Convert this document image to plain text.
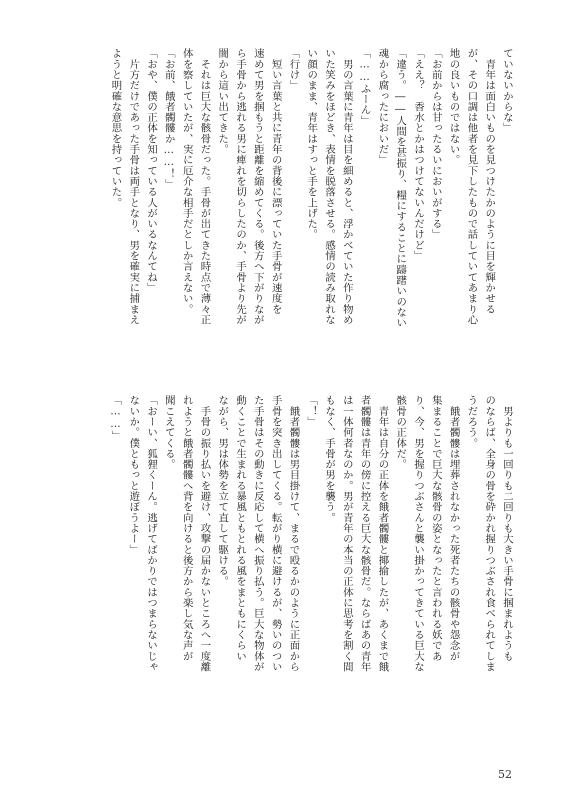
ていないからな」
　青年は面白いものを見つけたかのように目を輝かせる
が、その口調は他者を見下したもので話していてあまり心
地の良いものではない。
「お前からは甘ったるいにおいがする」
「ええ？　香水とかはつけてないんだけど」
「違う。――人間を甚振り、糧にすることに躊躇いのない
魂から腐ったにおいだ」
「……ふーん」
　男の言葉に青年は目を細めると、浮かべていた作り物め
いた笑みをほどき、表情を脱落させる。感情の読み取れな
い顔のまま、青年はすっと手を上げた。
「行け」
　短い言葉と共に青年の背後に漂っていた手骨が速度を
速めて男を掴もうと距離を縮めてくる。後方へ下がりなが
ら手骨から逃れる男に痺れを切らしたのか、手骨より先が
闇から這い出てきた。
　それは巨大な骸骨だった。手骨が出てきた時点で薄々正
体を察していたが、実に厄介な相手だとしか言えない。
「お前、餓者髑髏か……！」
「おや、僕の正体を知っている人がいるなんてね」
　片方だけであった手骨は両手となり、男を確実に捕まえ
ようと明確な意思を持っていた。
　男よりも一回りも二回りも大きい手骨に掴まれようも
のならば、全身の骨を砕かれ握りつぶされ食べられてしま
うだろう。
　餓者髑髏は埋葬されなかった死者たちの骸骨や怨念が
集まることで巨大な骸骨の姿となったと言われる妖であ
り、今、男を握りつぶさんと襲い掛かってきている巨大な
骸骨の正体だ。
　青年は自分の正体を餓者髑髏と揶揄したが、あくまで餓
者髑髏は青年の傍に控える巨大な骸骨だ。ならばあの青年
は一体何者なのか。男が青年の本当の正体に思考を割く間
もなく、手骨が男を襲う。
「！」
　餓者髑髏は男目掛けて、まるで殴るかのように正面から
手骨を突き出してくる。転がり横に避けるが、勢いのつい
た手骨はその動きに反応して横へ振り払う。巨大な物体が
動くことで生まれる暴風ともとれる風をまともにくらい
ながら、男は体勢を立て直して駆ける。
　手骨の振り払いを避け、攻撃の届かないところへ一度離
れようと餓者髑髏へ背を向けると後方から楽し気な声が
聞こえてくる。
「おーい、狐狸くーん。逃げてばかりではつまらないじゃ
ないか。僕ともっと遊ぼうよー」
「……」
52
